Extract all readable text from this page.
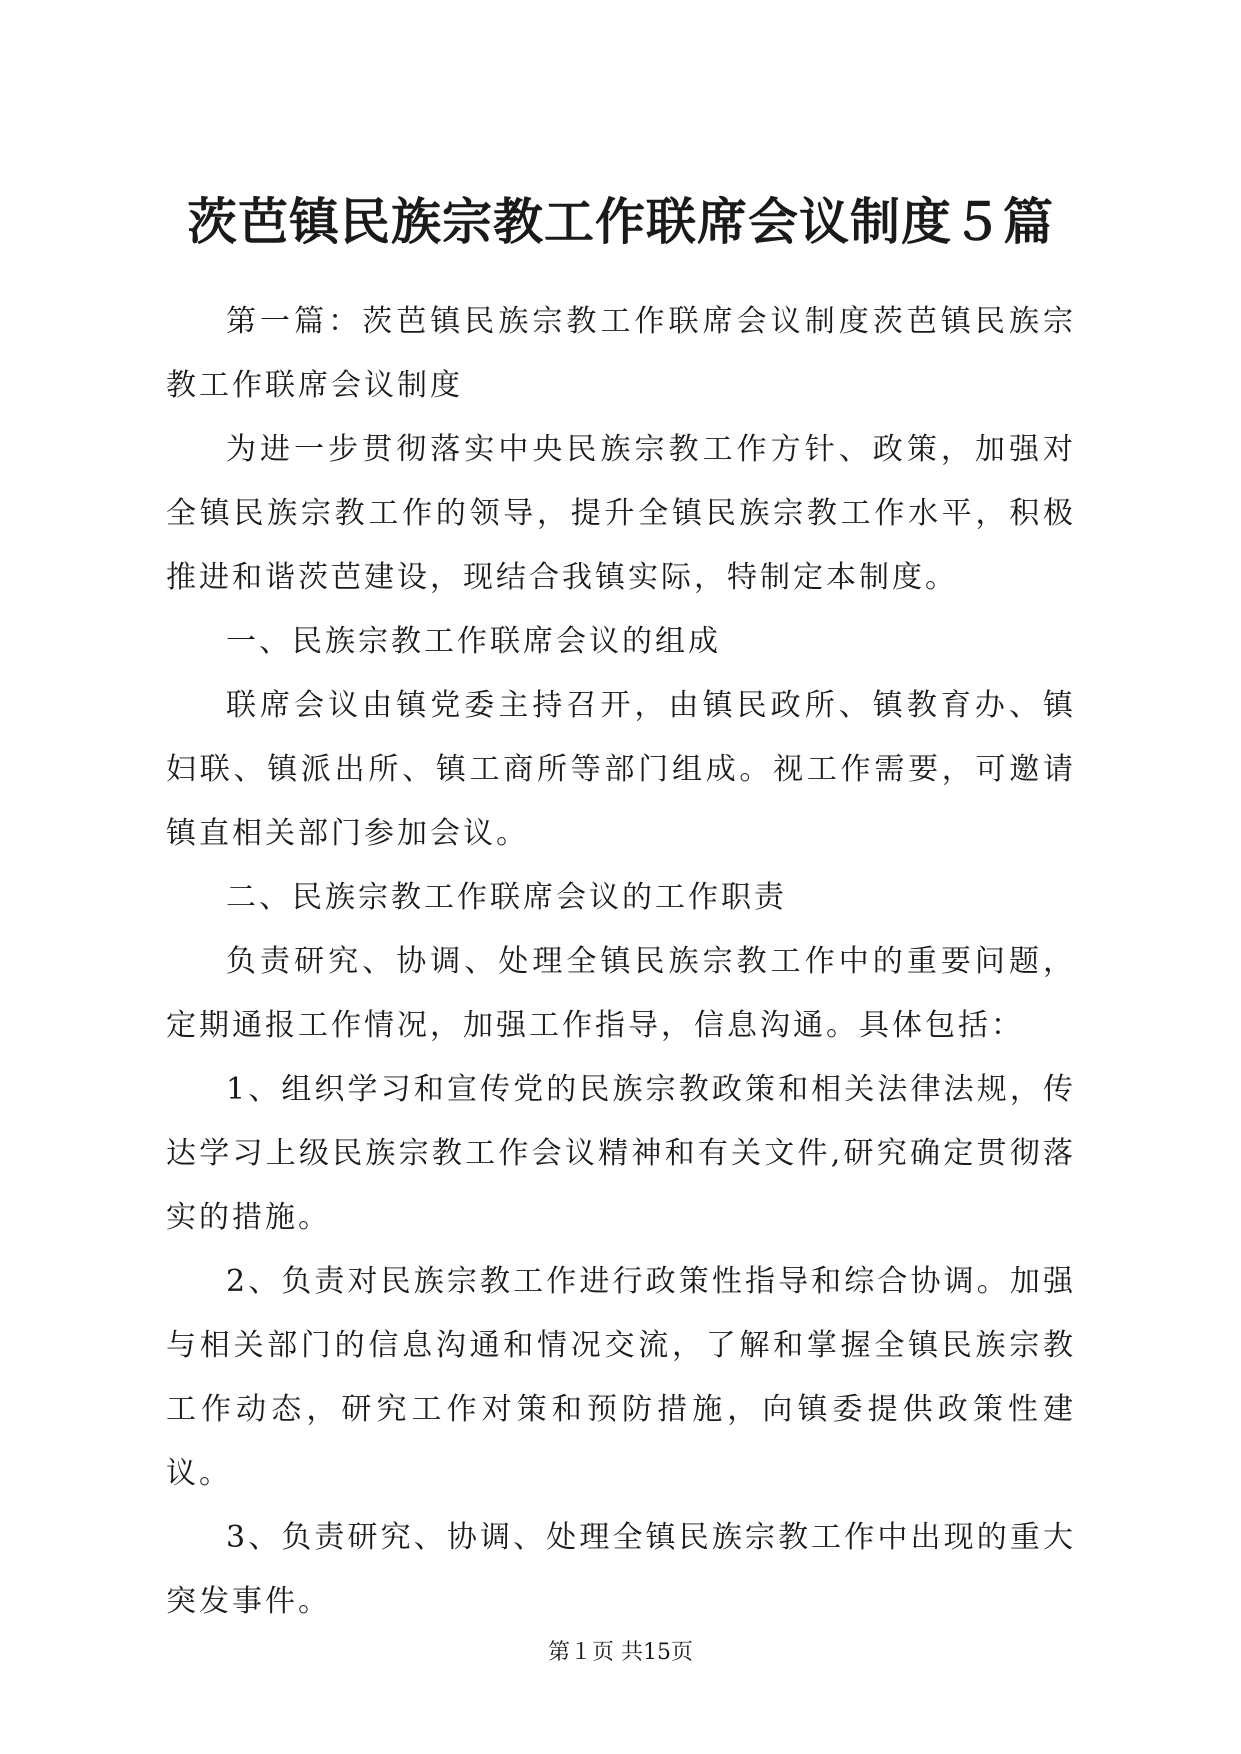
茨芭镇民族宗教工作联席会议制度５篇

第一篇：茨芭镇民族宗教工作联席会议制度茨芭镇民族宗教工作联席会议制度

为进一步贯彻落实中央民族宗教工作方针、政策，加强对全镇民族宗教工作的领导，提升全镇民族宗教工作水平，积极推进和谐茨芭建设，现结合我镇实际，特制定本制度。

一、民族宗教工作联席会议的组成

联席会议由镇党委主持召开，由镇民政所、镇教育办、镇妇联、镇派出所、镇工商所等部门组成。视工作需要，可邀请镇直相关部门参加会议。

二、民族宗教工作联席会议的工作职责

负责研究、协调、处理全镇民族宗教工作中的重要问题，定期通报工作情况，加强工作指导，信息沟通。具体包括：

1、组织学习和宣传党的民族宗教政策和相关法律法规，传达学习上级民族宗教工作会议精神和有关文件,研究确定贯彻落实的措施。

2、负责对民族宗教工作进行政策性指导和综合协调。加强与相关部门的信息沟通和情况交流，了解和掌握全镇民族宗教工作动态，研究工作对策和预防措施，向镇委提供政策性建议。

3、负责研究、协调、处理全镇民族宗教工作中出现的重大突发事件。

第１页 共15页
